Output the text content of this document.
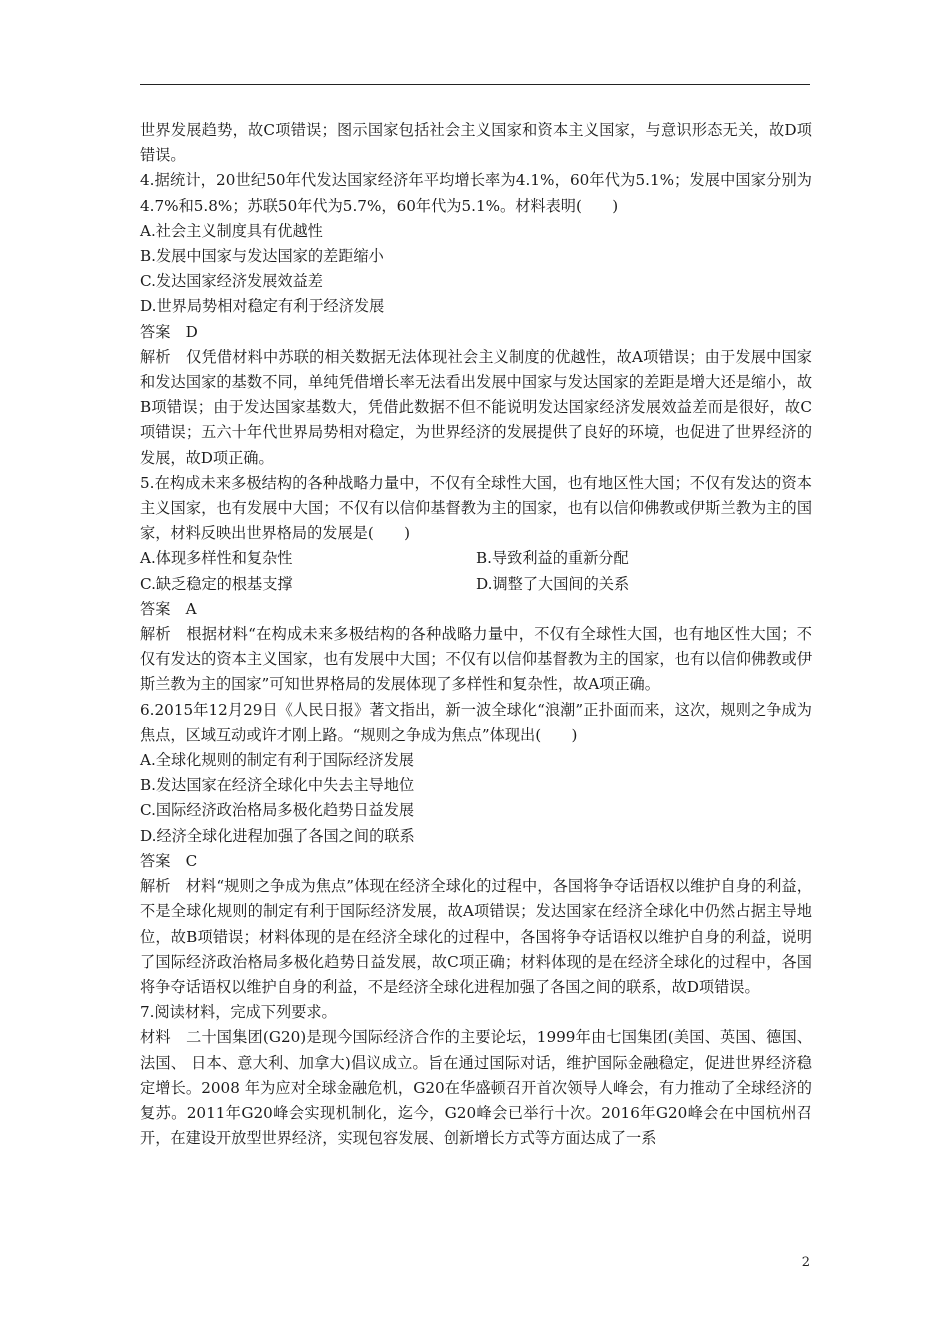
世界发展趋势，故C项错误；图示国家包括社会主义国家和资本主义国家，与意识形态无关，故D项错误。

4.据统计，20世纪50年代发达国家经济年平均增长率为4.1%，60年代为5.1%；发展中国家分别为4.7%和5.8%；苏联50年代为5.7%，60年代为5.1%。材料表明(　　)

A.社会主义制度具有优越性

B.发展中国家与发达国家的差距缩小

C.发达国家经济发展效益差

D.世界局势相对稳定有利于经济发展

答案　D

解析　仅凭借材料中苏联的相关数据无法体现社会主义制度的优越性，故A项错误；由于发展中国家和发达国家的基数不同，单纯凭借增长率无法看出发展中国家与发达国家的差距是增大还是缩小，故B项错误；由于发达国家基数大，凭借此数据不但不能说明发达国家经济发展效益差而是很好，故C项错误；五六十年代世界局势相对稳定，为世界经济的发展提供了良好的环境，也促进了世界经济的发展，故D项正确。

5.在构成未来多极结构的各种战略力量中，不仅有全球性大国，也有地区性大国；不仅有发达的资本主义国家，也有发展中大国；不仅有以信仰基督教为主的国家，也有以信仰佛教或伊斯兰教为主的国家，材料反映出世界格局的发展是(　　)

A.体现多样性和复杂性	B.导致利益的重新分配
C.缺乏稳定的根基支撑	D.调整了大国间的关系

答案　A

解析　根据材料“在构成未来多极结构的各种战略力量中，不仅有全球性大国，也有地区性大国；不仅有发达的资本主义国家，也有发展中大国；不仅有以信仰基督教为主的国家，也有以信仰佛教或伊斯兰教为主的国家”可知世界格局的发展体现了多样性和复杂性，故A项正确。

6.2015年12月29日《人民日报》著文指出，新一波全球化“浪潮”正扑面而来，这次，规则之争成为焦点，区域互动或许才刚上路。“规则之争成为焦点”体现出(　　)

A.全球化规则的制定有利于国际经济发展

B.发达国家在经济全球化中失去主导地位

C.国际经济政治格局多极化趋势日益发展

D.经济全球化进程加强了各国之间的联系

答案　C

解析　材料“规则之争成为焦点”体现在经济全球化的过程中，各国将争夺话语权以维护自身的利益，不是全球化规则的制定有利于国际经济发展，故A项错误；发达国家在经济全球化中仍然占据主导地位，故B项错误；材料体现的是在经济全球化的过程中，各国将争夺话语权以维护自身的利益，说明了国际经济政治格局多极化趋势日益发展，故C项正确；材料体现的是在经济全球化的过程中，各国将争夺话语权以维护自身的利益，不是经济全球化进程加强了各国之间的联系，故D项错误。

7.阅读材料，完成下列要求。

材料　二十国集团(G20)是现今国际经济合作的主要论坛，1999年由七国集团(美国、英国、德国、法国、 日本、意大利、加拿大)倡议成立。旨在通过国际对话，维护国际金融稳定，促进世界经济稳定增长。2008 年为应对全球金融危机，G20在华盛顿召开首次领导人峰会，有力推动了全球经济的复苏。2011年G20峰会实现机制化，迄今，G20峰会已举行十次。2016年G20峰会在中国杭州召开，在建设开放型世界经济，实现包容发展、创新增长方式等方面达成了一系

2
